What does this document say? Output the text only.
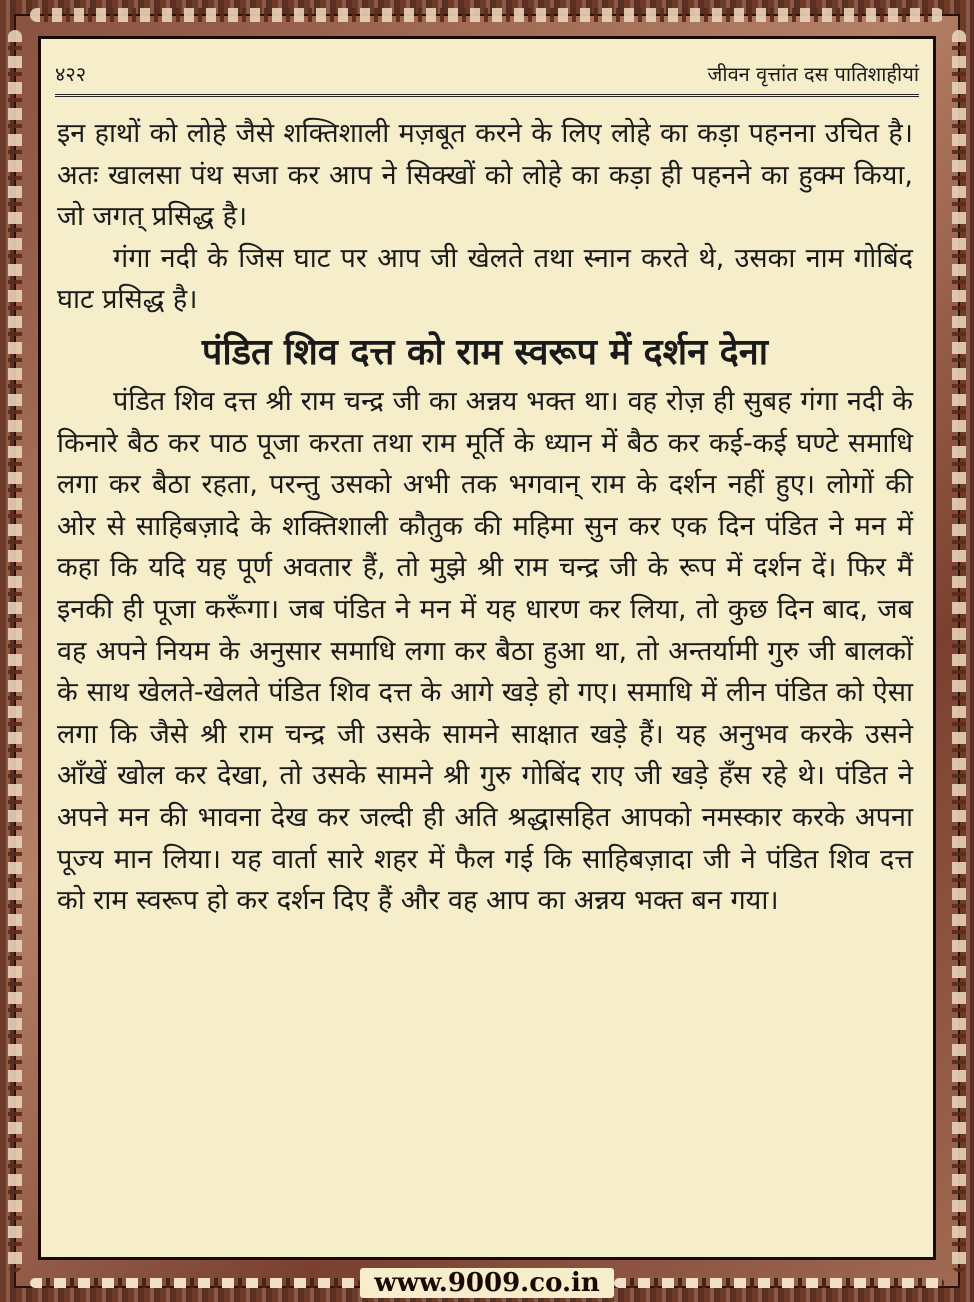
४२२	जीवन वृत्तांत दस पातिशाहीयां

इन हाथों को लोहे जैसे शक्तिशाली मज़बूत करने के लिए लोहे का कड़ा पहनना उचित है। अतः खालसा पंथ सजा कर आप ने सिक्खों को लोहे का कड़ा ही पहनने का हुक्म किया, जो जगत् प्रसिद्ध है।

गंगा नदी के जिस घाट पर आप जी खेलते तथा स्नान करते थे, उसका नाम गोबिंद घाट प्रसिद्ध है।

पंडित शिव दत्त को राम स्वरूप में दर्शन देना

पंडित शिव दत्त श्री राम चन्द्र जी का अन्नय भक्त था। वह रोज़ ही सुबह गंगा नदी के किनारे बैठ कर पाठ पूजा करता तथा राम मूर्ति के ध्यान में बैठ कर कई-कई घण्टे समाधि लगा कर बैठा रहता, परन्तु उसको अभी तक भगवान् राम के दर्शन नहीं हुए। लोगों की ओर से साहिबज़ादे के शक्तिशाली कौतुक की महिमा सुन कर एक दिन पंडित ने मन में कहा कि यदि यह पूर्ण अवतार हैं, तो मुझे श्री राम चन्द्र जी के रूप में दर्शन दें। फिर मैं इनकी ही पूजा करूँगा। जब पंडित ने मन में यह धारण कर लिया, तो कुछ दिन बाद, जब वह अपने नियम के अनुसार समाधि लगा कर बैठा हुआ था, तो अन्तर्यामी गुरु जी बालकों के साथ खेलते-खेलते पंडित शिव दत्त के आगे खड़े हो गए। समाधि में लीन पंडित को ऐसा लगा कि जैसे श्री राम चन्द्र जी उसके सामने साक्षात खड़े हैं। यह अनुभव करके उसने आँखें खोल कर देखा, तो उसके सामने श्री गुरु गोबिंद राए जी खड़े हँस रहे थे। पंडित ने अपने मन की भावना देख कर जल्दी ही अति श्रद्धासहित आपको नमस्कार करके अपना पूज्य मान लिया। यह वार्ता सारे शहर में फैल गई कि साहिबज़ादा जी ने पंडित शिव दत्त को राम स्वरूप हो कर दर्शन दिए हैं और वह आप का अन्नय भक्त बन गया।

www.9009.co.in
